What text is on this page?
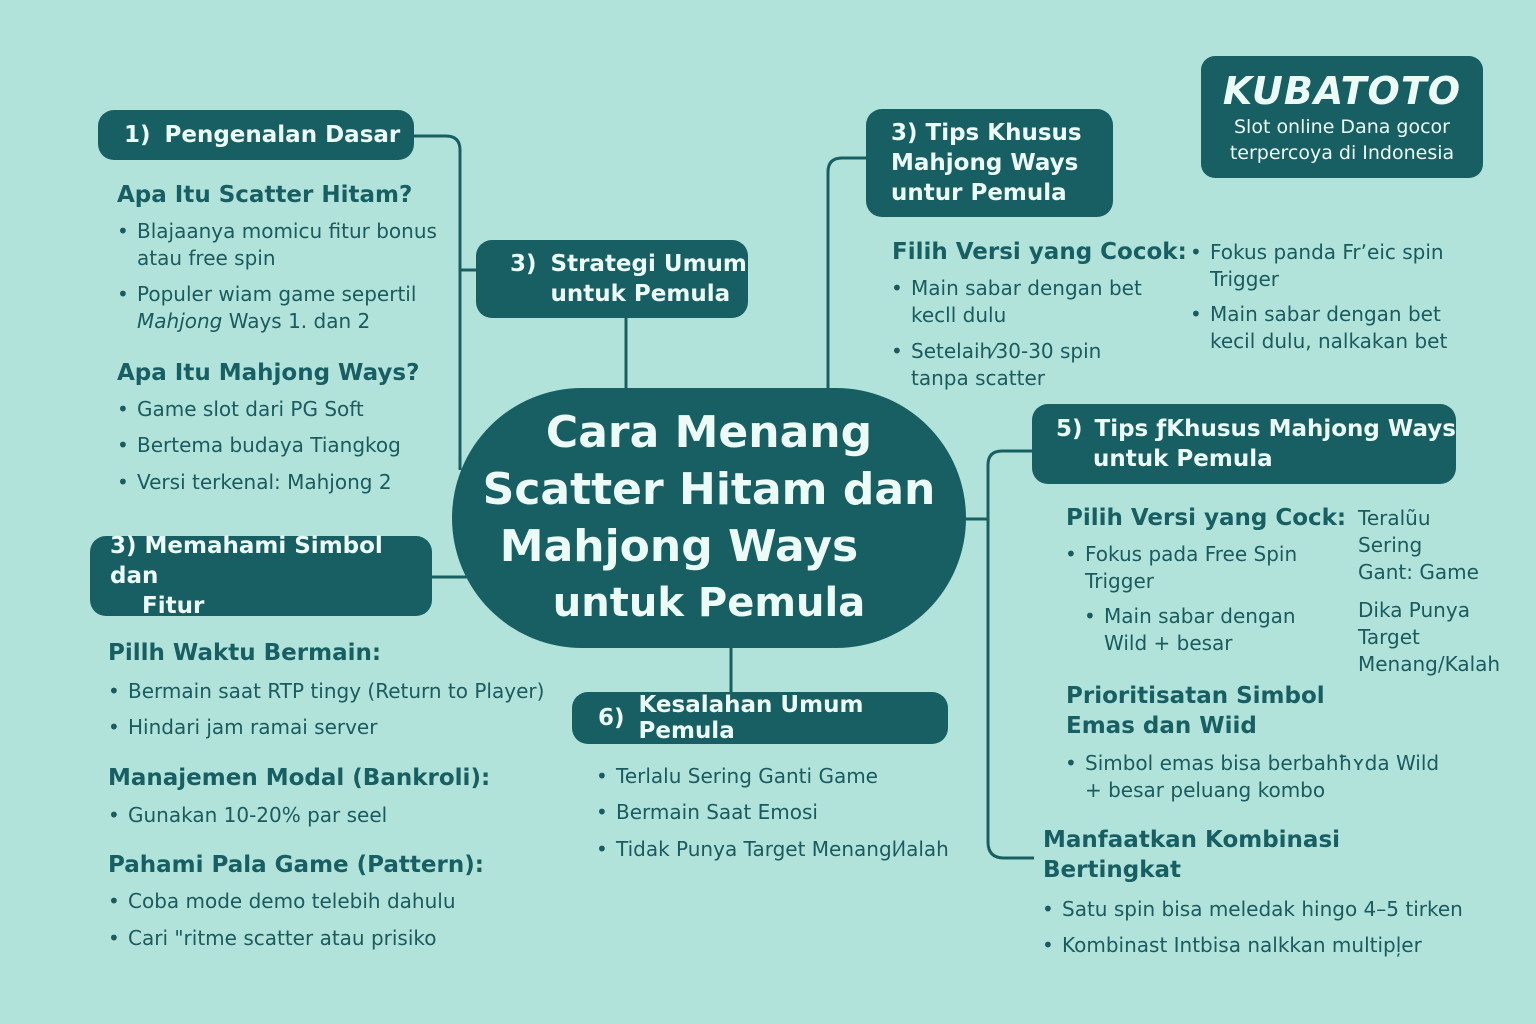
Cara Menang
Scatter Hitam dan
Mahjong Ways
untuk Pemula
KUBATOTO
Slot online Dana gocor
terpercoya di Indonesia
1) Pengenalan Dasar
3) Strategi Umum
untuk Pemula
3) Tips Khusus
Mahjong Ways
untur Pemula
3) Memahami Simbol dan
Fitur
6) Kesalahan Umum Pemula
5) Tips ƒKhusus Mahjong Ways
untuk Pemula
Apa Itu Scatter Hitam?
• Blajaanya momicu fitur bonus
atau free spin
• Populer wiam game sepertil
Mahjong Ways 1. dan 2
Apa Itu Mahjong Ways?
• Game slot dari PG Soft
• Bertema budaya Tiangkog
• Versi terkenal: Mahjong 2
Pillh Waktu Bermain:
• Bermain saat RTP tingy (Return to Player)
• Hindari jam ramai server
Manajemen Modal (Bankroli):
• Gunakan 10-20% par seel
Pahami Pala Game (Pattern):
• Coba mode demo telebih dahulu
• Cari "ritme scatter atau prisiko
• Terlalu Sering Ganti Game
• Bermain Saat Emosi
• Tidak Punya Target Menangl⁄lalah
Filih Versi yang Cocok:
• Main sabar dengan bet
kecll dulu
• Setelaih⁄30-30 spin
tanpa scatter
• Fokus panda Frʼeic spin
Trigger
• Main sabar dengan bet
kecil dulu, nalkakan bet
Pilih Versi yang Cock:
• Fokus pada Free Spin
Trigger
• Main sabar dengan
Wild + besar
Teralũu
Sering
Gant: Game
Dika Punya
Target
Menang/Kalah
Prioritisatan Simbol
Emas dan Wiid
• Simbol emas bisa berbahħʏda Wild
+ besar peluang kombo
Manfaatkan Kombinasi
Bertingkat
• Satu spin bisa meledak hingo 4–5 tirken
• Kombinast Intbisa nalkkan multipļer
